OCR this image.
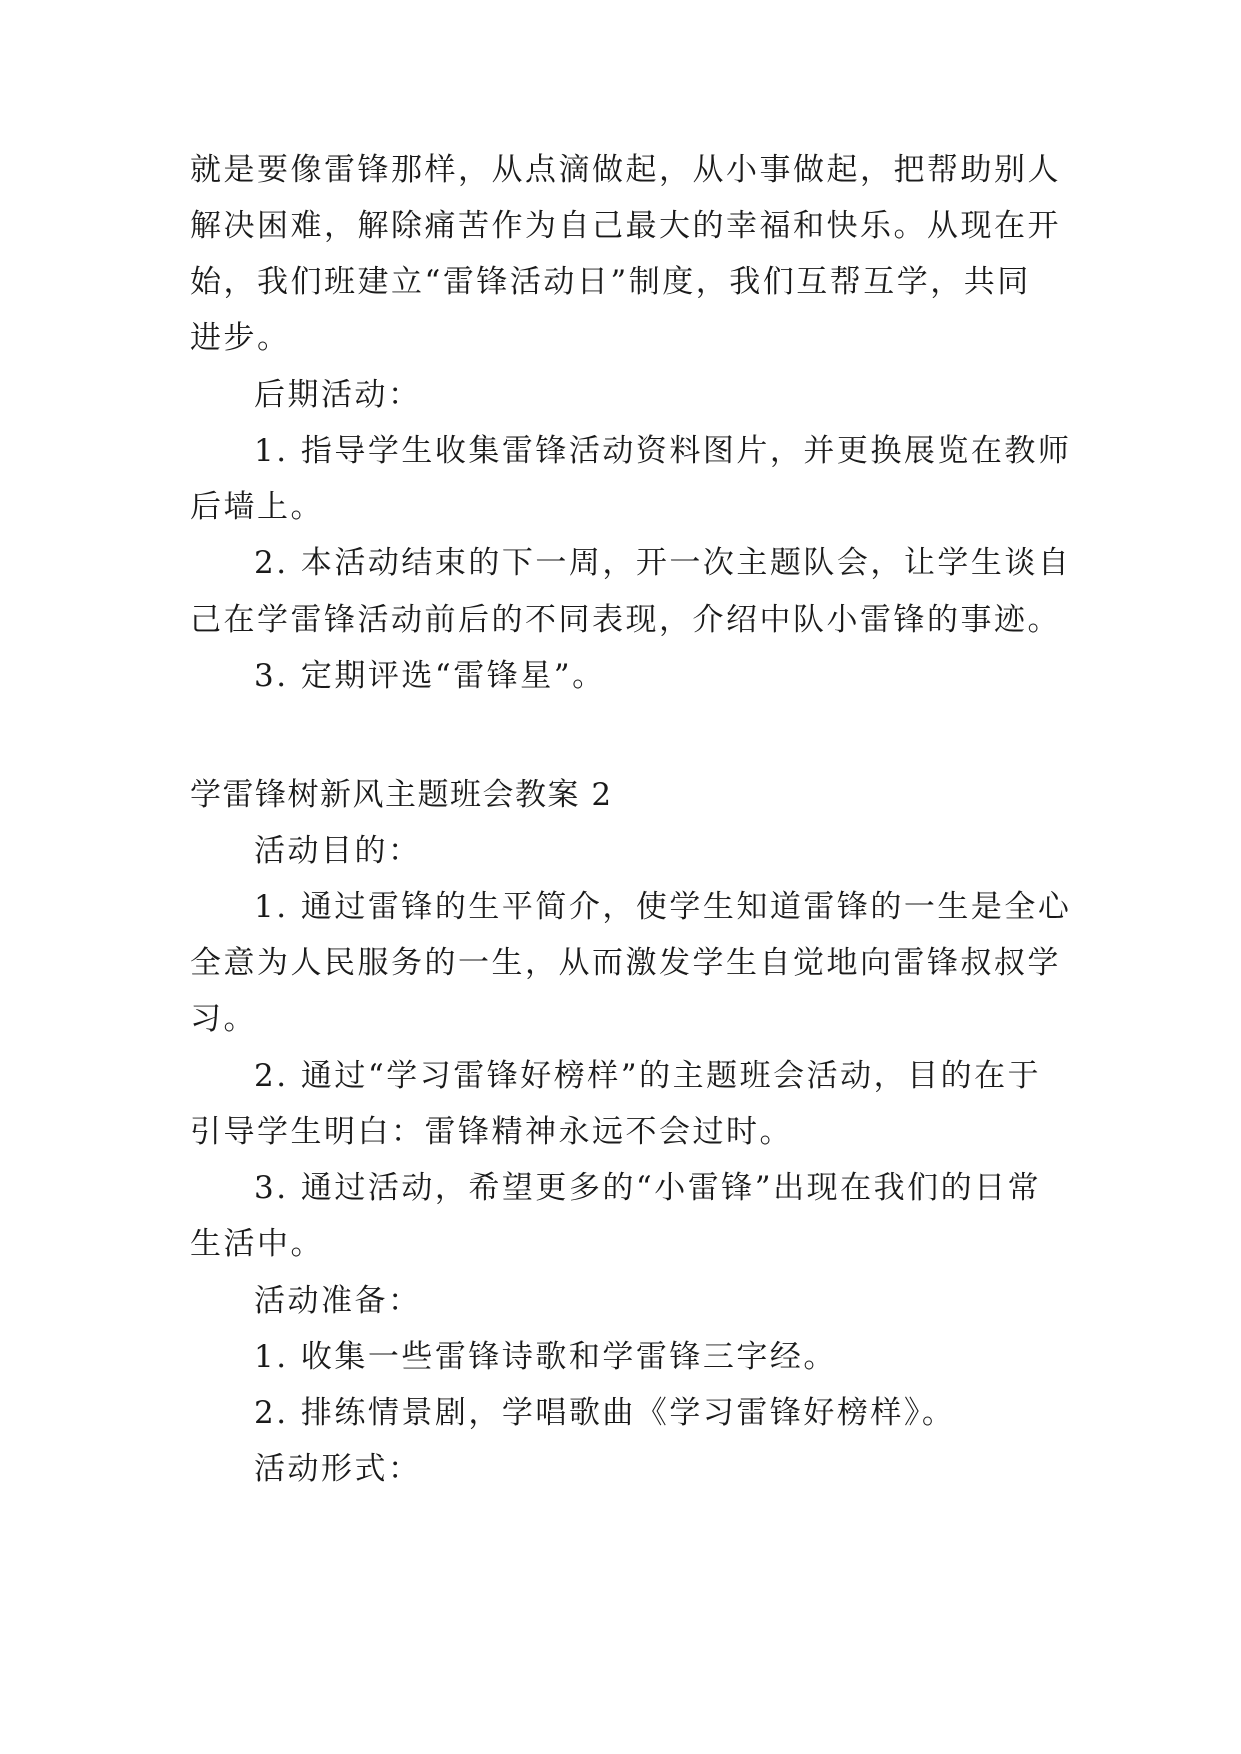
就是要像雷锋那样，从点滴做起，从小事做起，把帮助别人
解决困难，解除痛苦作为自己最大的幸福和快乐。从现在开
始，我们班建立“雷锋活动日”制度，我们互帮互学，共同
进步。
后期活动：
1. 指导学生收集雷锋活动资料图片，并更换展览在教师
后墙上。
2. 本活动结束的下一周，开一次主题队会，让学生谈自
己在学雷锋活动前后的不同表现，介绍中队小雷锋的事迹。
3. 定期评选“雷锋星”。
学雷锋树新风主题班会教案 2
活动目的：
1. 通过雷锋的生平简介，使学生知道雷锋的一生是全心
全意为人民服务的一生，从而激发学生自觉地向雷锋叔叔学
习。
2. 通过“学习雷锋好榜样”的主题班会活动，目的在于
引导学生明白：雷锋精神永远不会过时。
3. 通过活动，希望更多的“小雷锋”出现在我们的日常
生活中。
活动准备：
1. 收集一些雷锋诗歌和学雷锋三字经。
2. 排练情景剧，学唱歌曲《学习雷锋好榜样》。
活动形式：
